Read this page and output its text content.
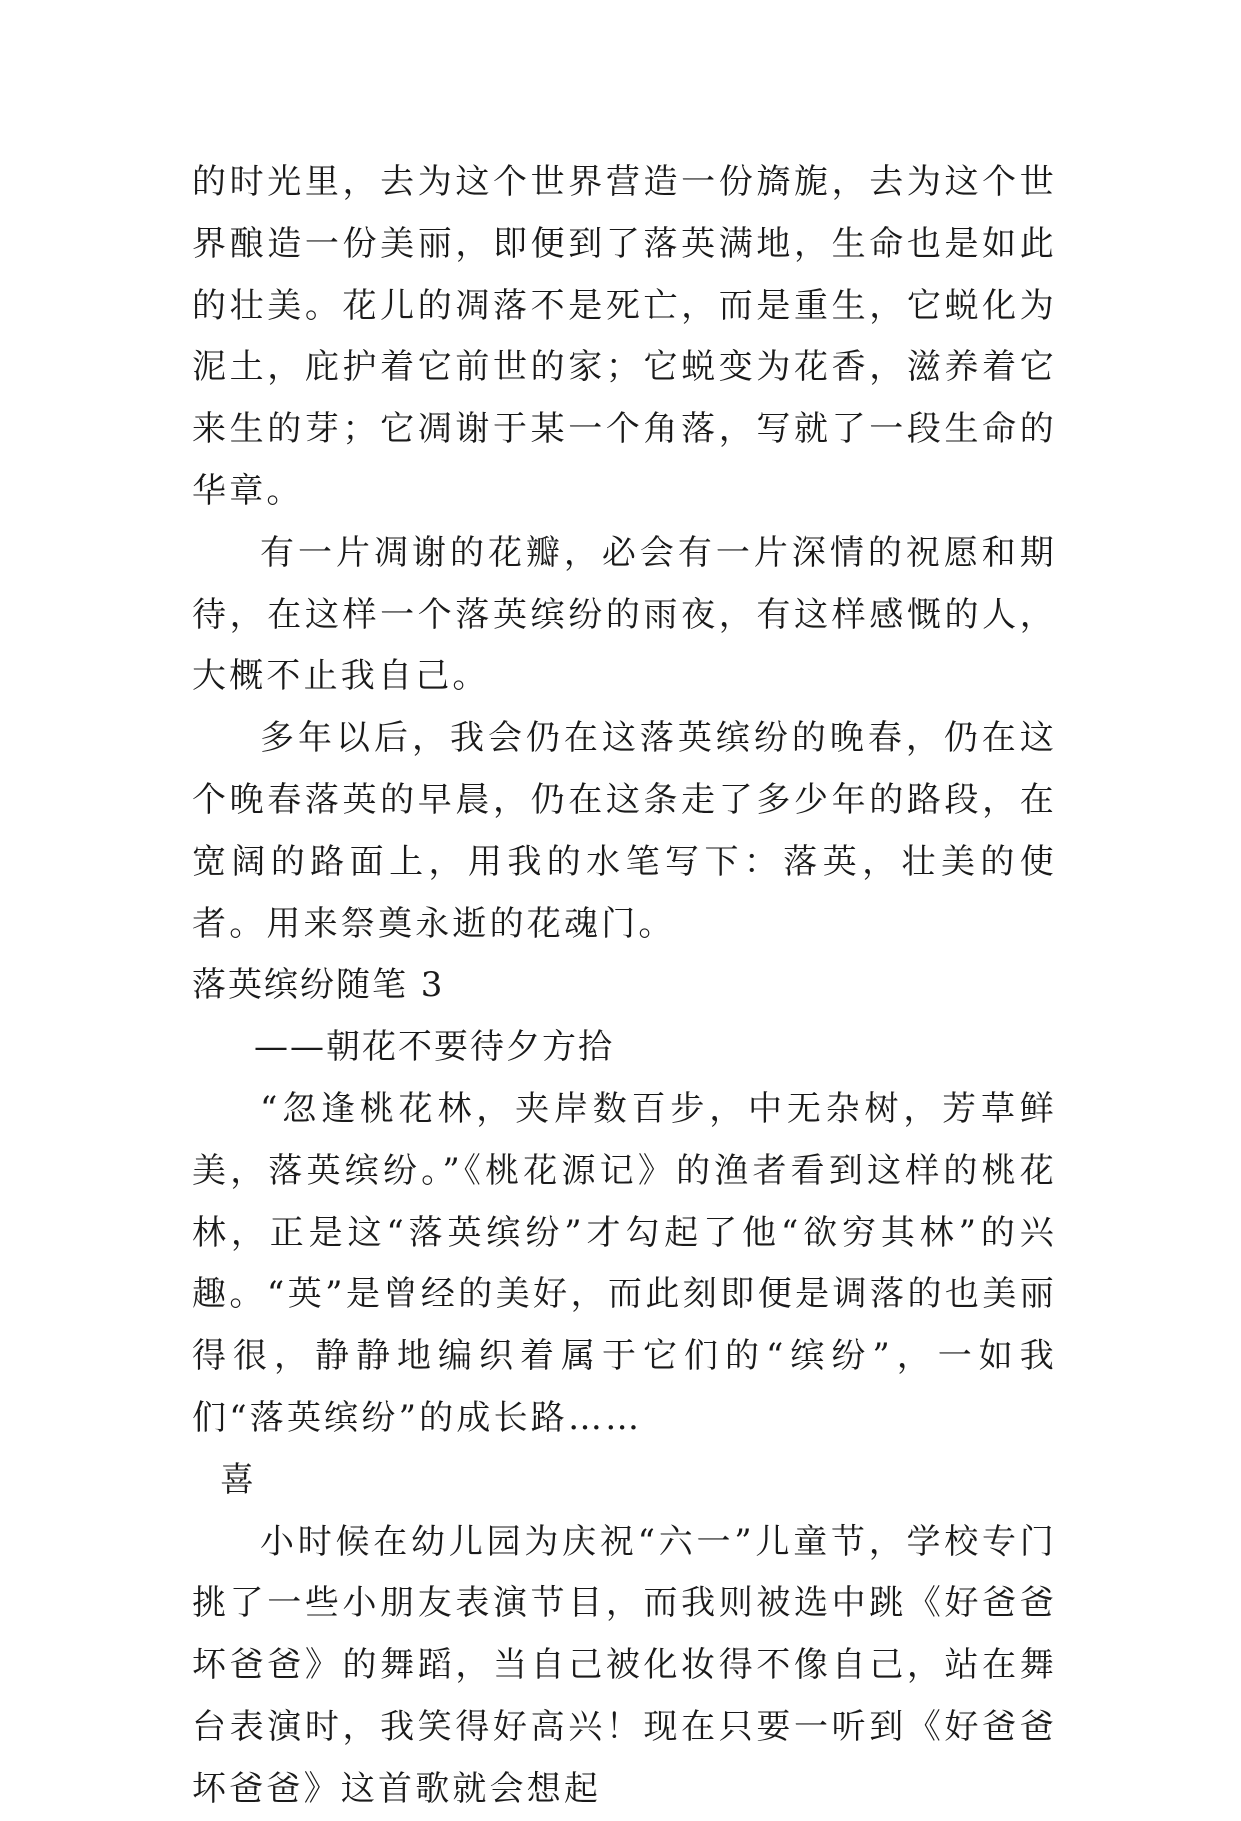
的时光里，去为这个世界营造一份旖旎，去为这个世界酿造一份美丽，即便到了落英满地，生命也是如此的壮美。花儿的凋落不是死亡，而是重生，它蜕化为泥土，庇护着它前世的家；它蜕变为花香，滋养着它来生的芽；它凋谢于某一个角落，写就了一段生命的华章。

有一片凋谢的花瓣，必会有一片深情的祝愿和期待，在这样一个落英缤纷的雨夜，有这样感慨的人，大概不止我自己。

多年以后，我会仍在这落英缤纷的晚春，仍在这个晚春落英的早晨，仍在这条走了多少年的路段，在宽阔的路面上，用我的水笔写下：落英，壮美的使者。用来祭奠永逝的花魂门。

落英缤纷随笔 3

——朝花不要待夕方拾

“忽逢桃花林，夹岸数百步，中无杂树，芳草鲜美，落英缤纷。”《桃花源记》的渔者看到这样的桃花林，正是这“落英缤纷”才勾起了他“欲穷其林”的兴趣。“英”是曾经的美好，而此刻即便是调落的也美丽得很，静静地编织着属于它们的“缤纷”，一如我们“落英缤纷”的成长路……

喜

小时候在幼儿园为庆祝“六一”儿童节，学校专门挑了一些小朋友表演节目，而我则被选中跳《好爸爸坏爸爸》的舞蹈，当自己被化妆得不像自己，站在舞台表演时，我笑得好高兴！现在只要一听到《好爸爸坏爸爸》这首歌就会想起
